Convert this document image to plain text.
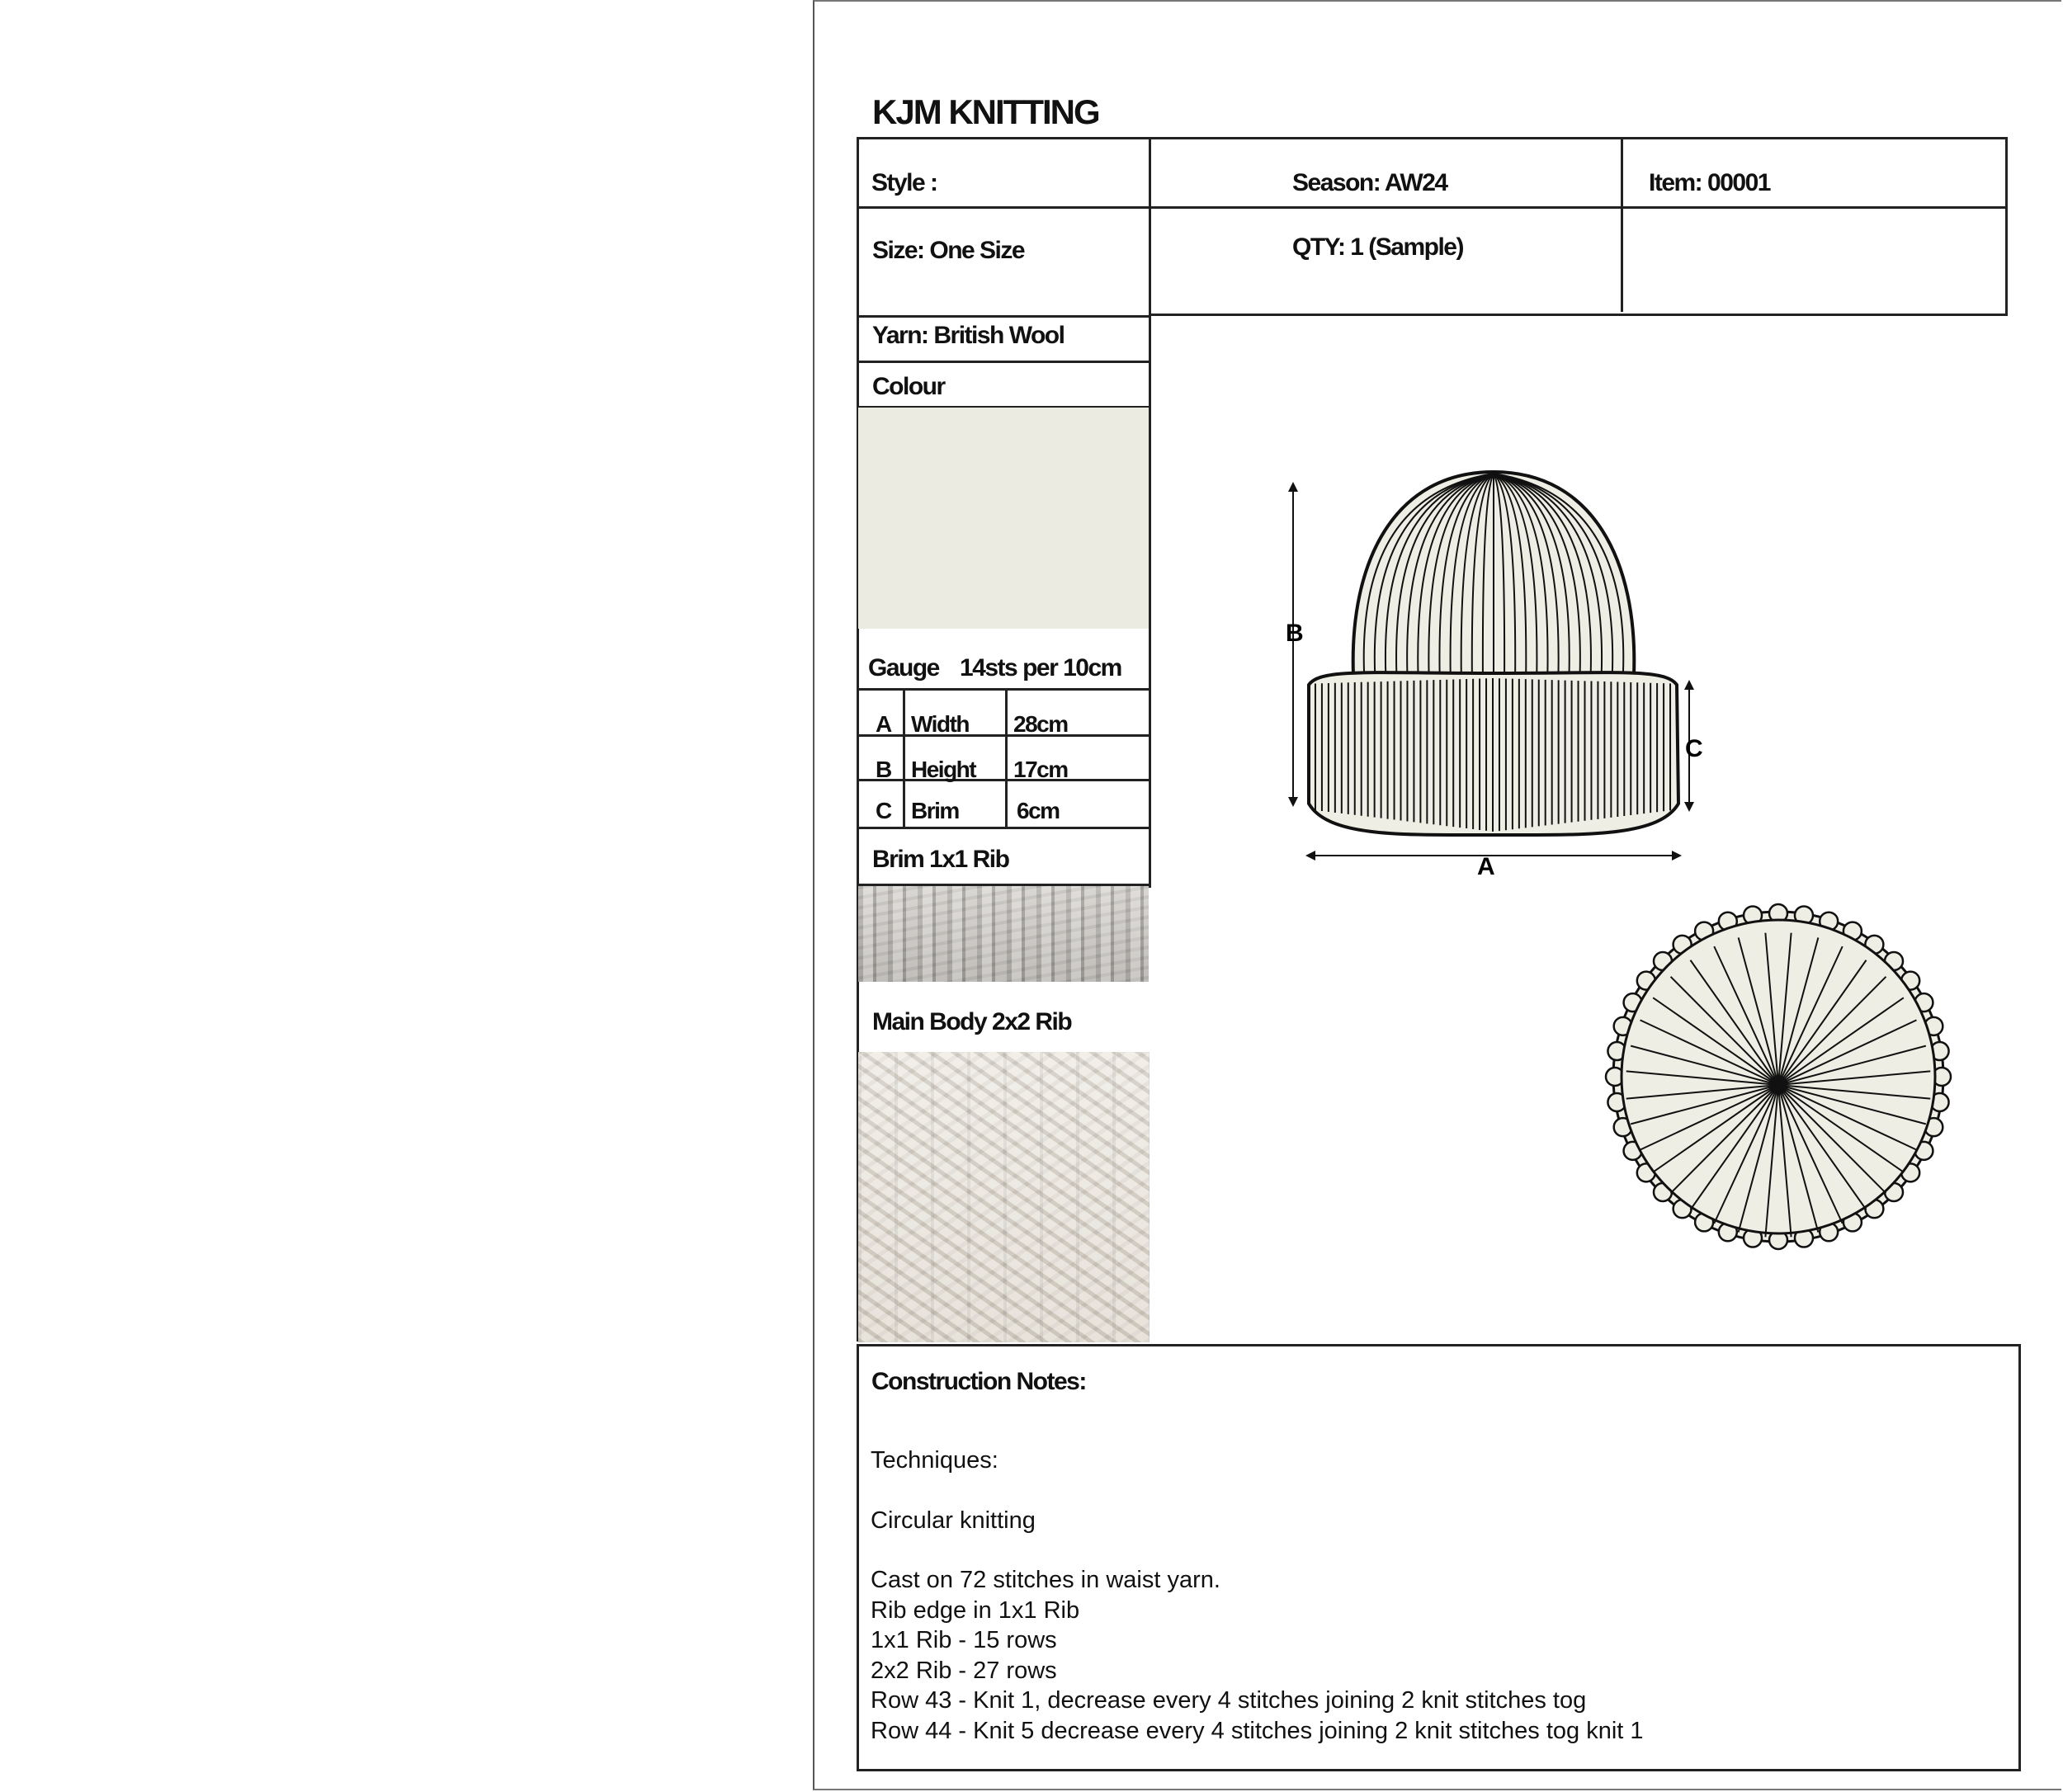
KJM KNITTING
Style :	Season: AW24	Item: 00001
Size: One Size	QTY: 1 (Sample)
Yarn: British Wool
Colour
Gauge 14sts per 10cm
A Width 28cm
B Height 17cm
C Brim	6cm
Brim 1x1 Rib
Main Body 2x2 Rib
B
C
A
Construction Notes:
Techniques:
Circular knitting
Cast on 72 stitches in waist yarn.
Rib edge in 1x1 Rib
1x1 Rib - 15 rows
2x2 Rib - 27 rows
Row 43 - Knit 1, decrease every 4 stitches joining 2 knit stitches tog
Row 44 - Knit 5 decrease every 4 stitches joining 2 knit stitches tog knit 1
